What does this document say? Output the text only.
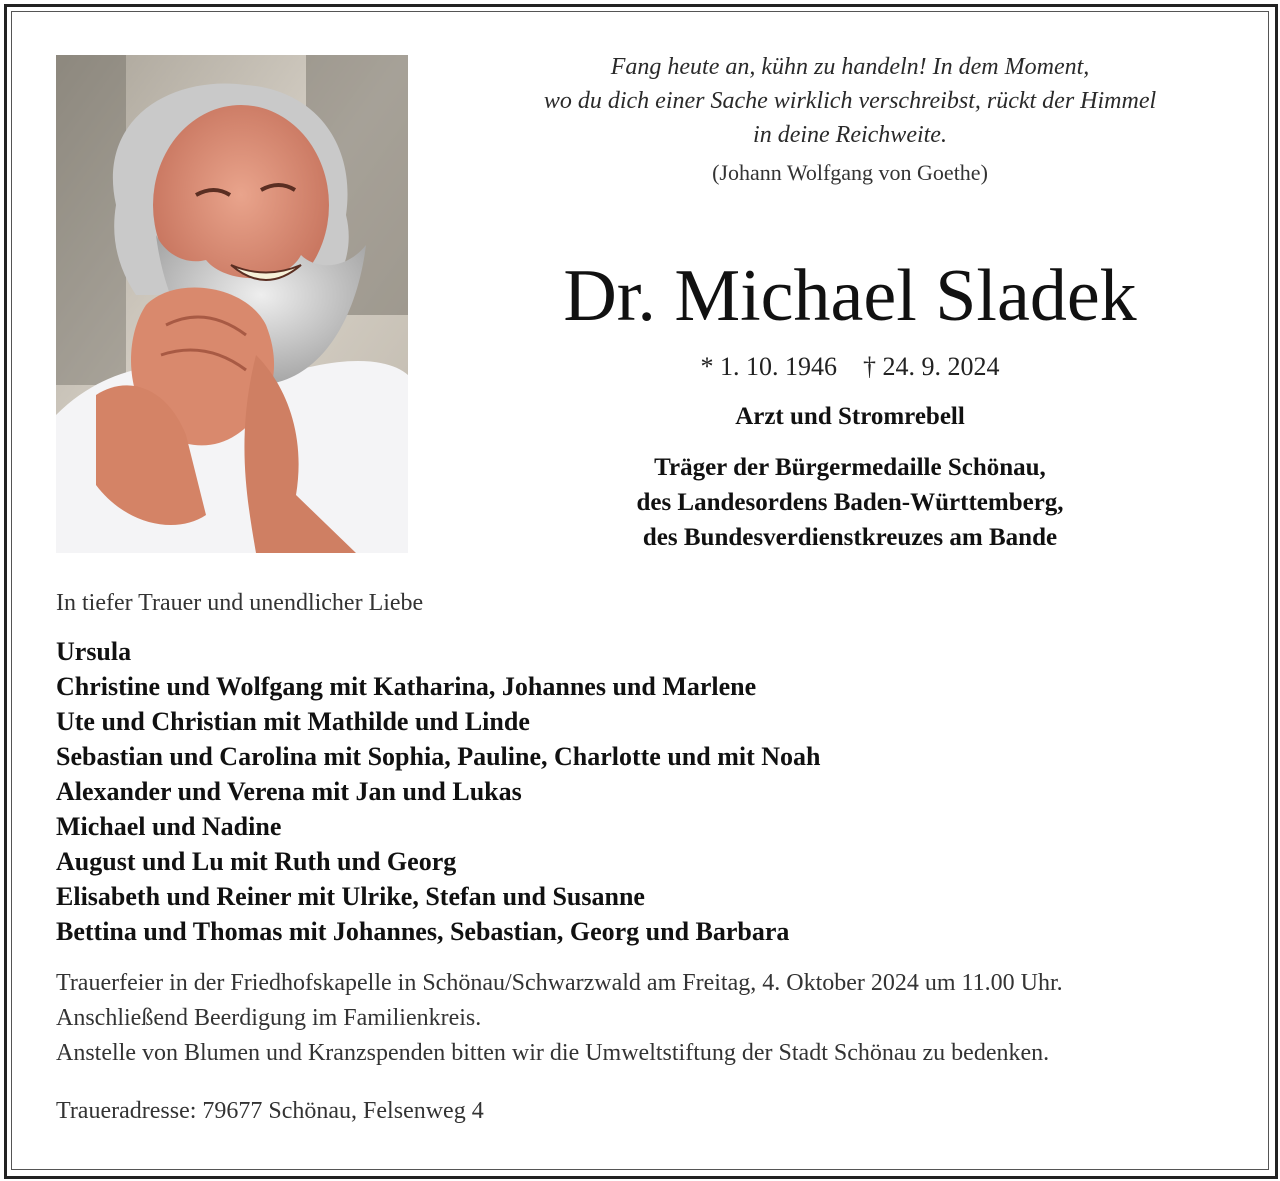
Fang heute an, kühn zu handeln! In dem Moment,
wo du dich einer Sache wirklich verschreibst, rückt der Himmel
in deine Reichweite.
(Johann Wolfgang von Goethe)
Dr. Michael Sladek
* 1. 10. 1946 † 24. 9. 2024
Arzt und Stromrebell
Träger der Bürgermedaille Schönau,
des Landesordens Baden-Württemberg,
des Bundesverdienstkreuzes am Bande
In tiefer Trauer und unendlicher Liebe
Ursula
Christine und Wolfgang mit Katharina, Johannes und Marlene
Ute und Christian mit Mathilde und Linde
Sebastian und Carolina mit Sophia, Pauline, Charlotte und mit Noah
Alexander und Verena mit Jan und Lukas
Michael und Nadine
August und Lu mit Ruth und Georg
Elisabeth und Reiner mit Ulrike, Stefan und Susanne
Bettina und Thomas mit Johannes, Sebastian, Georg und Barbara
Trauerfeier in der Friedhofskapelle in Schönau/Schwarzwald am Freitag, 4. Oktober 2024 um 11.00 Uhr.
Anschließend Beerdigung im Familienkreis.
Anstelle von Blumen und Kranzspenden bitten wir die Umweltstiftung der Stadt Schönau zu bedenken.
Traueradresse: 79677 Schönau, Felsenweg 4
